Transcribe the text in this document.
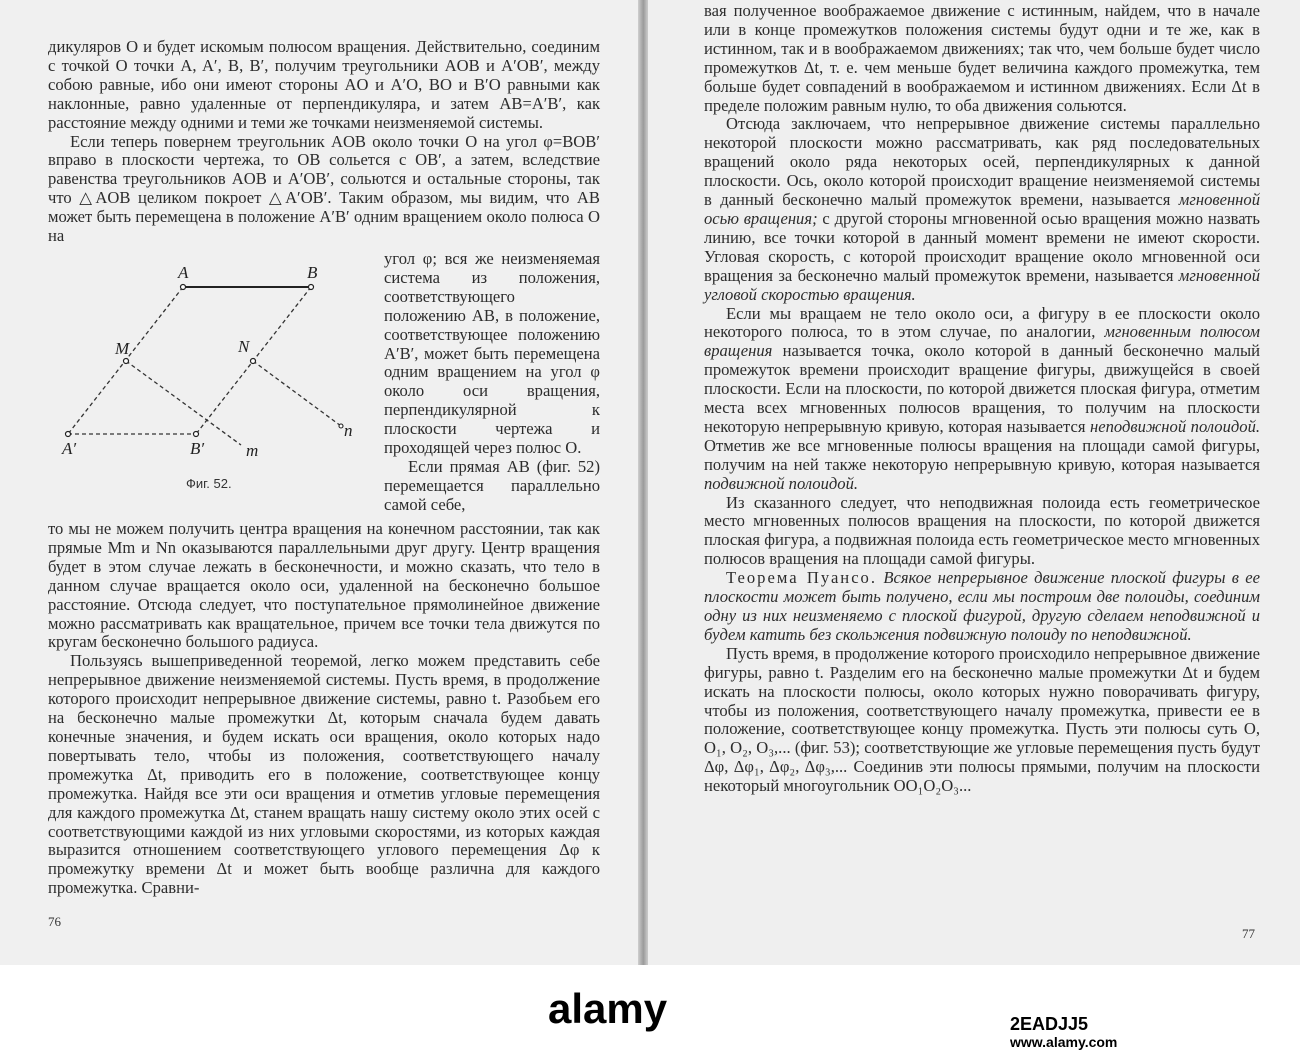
дикуляров O и будет искомым полюсом вращения. Действительно, соединим с точкой O точки A, A′, B, B′, получим треугольники AOB и A′OB′, между собою равные, ибо они имеют стороны AO и A′O, BO и B′O равными как наклонные, равно удаленные от перпендикуляра, и затем AB=A′B′, как расстояние между одними и теми же точками неизменяемой системы.

Если теперь повернем треугольник AOB около точки O на угол φ=BOB′ вправо в плоскости чертежа, то OB сольется с OB′, а затем, вследствие равенства треугольников AOB и A′OB′, сольются и остальные стороны, так что △AOB целиком покроет △A′OB′. Таким образом, мы видим, что AB может быть перемещена в положение A′B′ одним вращением около полюса O на

угол φ; вся же неизменяемая система из положения, соответствующего положению AB, в положение, соответствующее положению A′B′, может быть перемещена одним вращением на угол φ около оси вращения, перпендикулярной к плоскости чертежа и проходящей через полюс O.

Если прямая AB (фиг. 52) перемещается параллельно самой себе,

A	B
M	N
A′	B′ m
n
Фиг. 52.

то мы не можем получить центра вращения на конечном расстоянии, так как прямые Mm и Nn оказываются параллельными друг другу. Центр вращения будет в этом случае лежать в бесконечности, и можно сказать, что тело в данном случае вращается около оси, удаленной на бесконечно большое расстояние. Отсюда следует, что поступательное прямолинейное движение можно рассматривать как вращательное, причем все точки тела движутся по кругам бесконечно большого радиуса.

Пользуясь вышеприведенной теоремой, легко можем представить себе непрерывное движение неизменяемой системы. Пусть время, в продолжение которого происходит непрерывное движение системы, равно t. Разобьем его на бесконечно малые промежутки Δt, которым сначала будем давать конечные значения, и будем искать оси вращения, около которых надо повертывать тело, чтобы из положения, соответствующего началу промежутка Δt, приводить его в положение, соответствующее концу промежутка. Найдя все эти оси вращения и отметив угловые перемещения для каждого промежутка Δt, станем вращать нашу систему около этих осей с соответствующими каждой из них угловыми скоростями, из которых каждая выразится отношением соответствующего углового перемещения Δφ к промежутку времени Δt и может быть вообще различна для каждого промежутка. Сравни-

76

вая полученное воображаемое движение с истинным, найдем, что в начале или в конце промежутков положения системы будут одни и те же, как в истинном, так и в воображаемом движениях; так что, чем больше будет число промежутков Δt, т. е. чем меньше будет величина каждого промежутка, тем больше будет совпадений в воображаемом и истинном движениях. Если Δt в пределе положим равным нулю, то оба движения сольются.

Отсюда заключаем, что непрерывное движение системы параллельно некоторой плоскости можно рассматривать, как ряд последовательных вращений около ряда некоторых осей, перпендикулярных к данной плоскости. Ось, около которой происходит вращение неизменяемой системы в данный бесконечно малый промежуток времени, называется мгновенной осью вращения; с другой стороны мгновенной осью вращения можно назвать линию, все точки которой в данный момент времени не имеют скорости. Угловая скорость, с которой происходит вращение около мгновенной оси вращения за бесконечно малый промежуток времени, называется мгновенной угловой скоростью вращения.

Если мы вращаем не тело около оси, а фигуру в ее плоскости около некоторого полюса, то в этом случае, по аналогии, мгновенным полюсом вращения называется точка, около которой в данный бесконечно малый промежуток времени происходит вращение фигуры, движущейся в своей плоскости. Если на плоскости, по которой движется плоская фигура, отметим места всех мгновенных полюсов вращения, то получим на плоскости некоторую непрерывную кривую, которая называется неподвижной полоидой. Отметив же все мгновенные полюсы вращения на площади самой фигуры, получим на ней также некоторую непрерывную кривую, которая называется подвижной полоидой.

Из сказанного следует, что неподвижная полоида есть геометрическое место мгновенных полюсов вращения на плоскости, по которой движется плоская фигура, а подвижная полоида есть геометрическое место мгновенных полюсов вращения на площади самой фигуры.

Теорема Пуансо. Всякое непрерывное движение плоской фигуры в ее плоскости может быть получено, если мы построим две полоиды, соединим одну из них неизменяемо с плоской фигурой, другую сделаем неподвижной и будем катить без скольжения подвижную полоиду по неподвижной.

Пусть время, в продолжение которого происходило непрерывное движение фигуры, равно t. Разделим его на бесконечно малые промежутки Δt и будем искать на плоскости полюсы, около которых нужно поворачивать фигуру, чтобы из положения, соответствующего началу промежутка, привести ее в положение, соответствующее концу промежутка. Пусть эти полюсы суть O, O₁, O₂, O₃,... (фиг. 53); соответствующие же угловые перемещения пусть будут Δφ, Δφ₁, Δφ₂, Δφ₃,... Соединив эти полюсы прямыми, получим на плоскости некоторый многоугольник OO₁O₂O₃...

77
alamy	2EADJJ5
www.alamy.com
